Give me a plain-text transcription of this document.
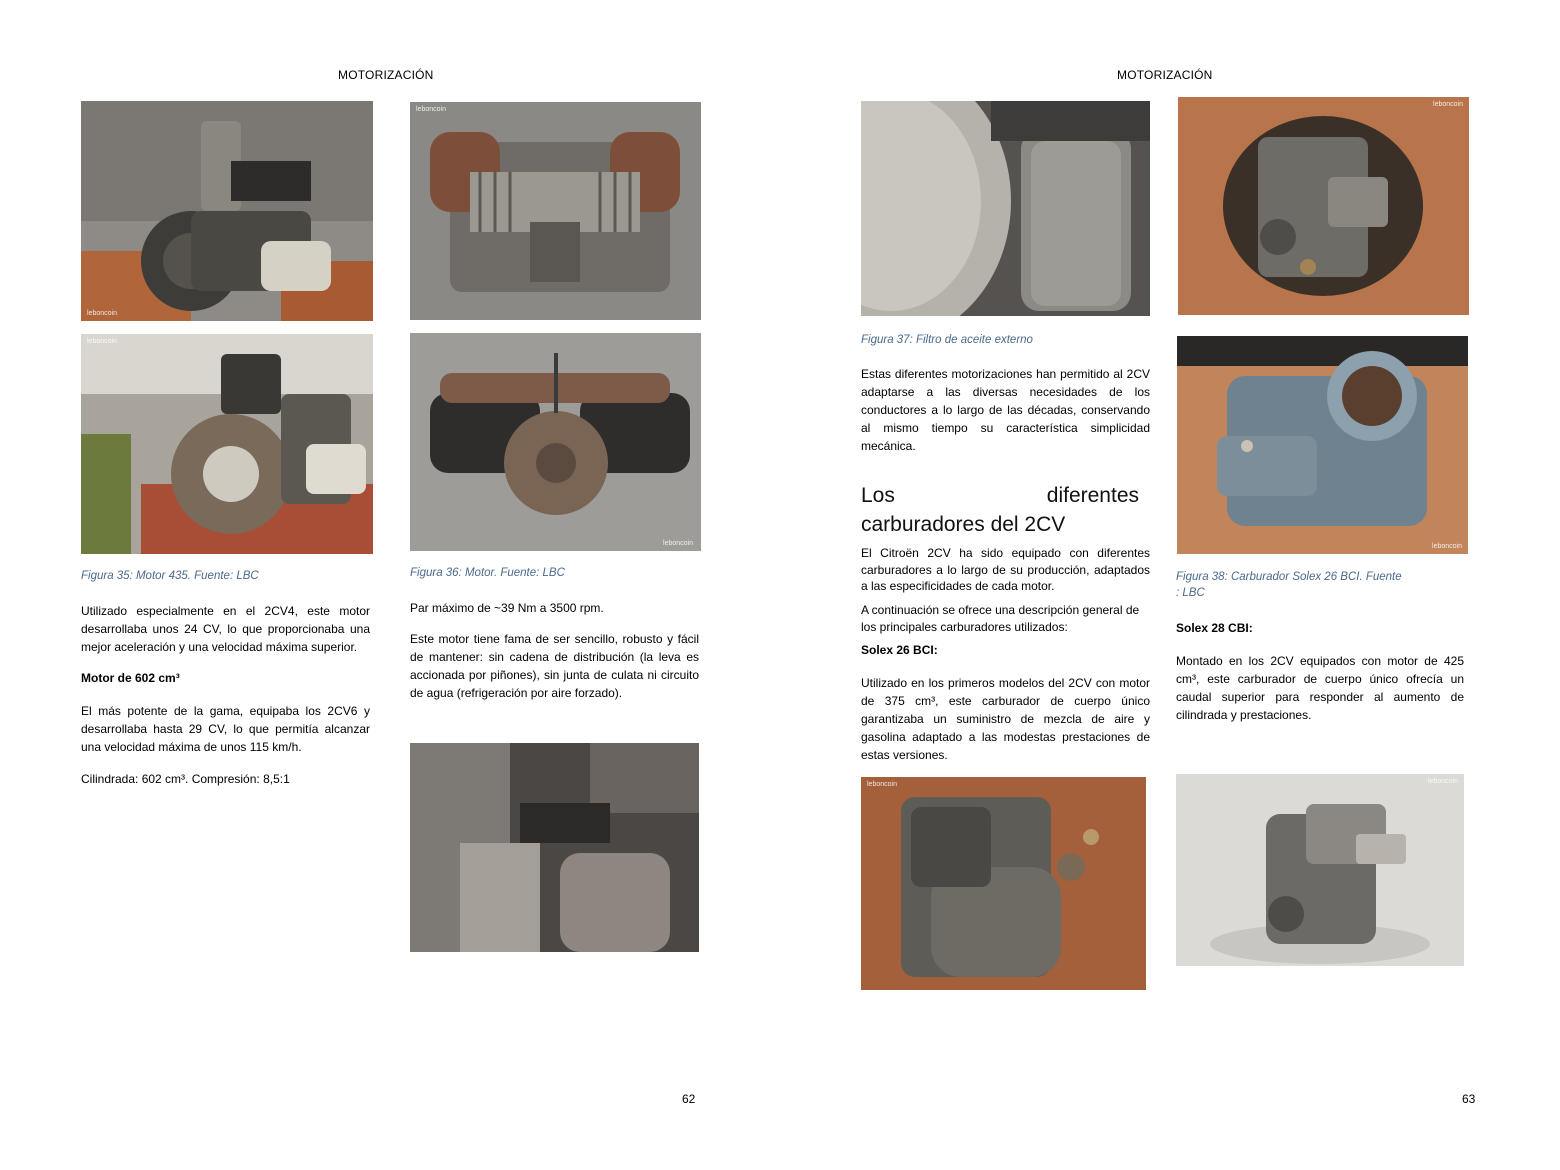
MOTORIZACIÓN
leboncoin
leboncoin
leboncoin
leboncoin
Figura 35: Motor 435. Fuente: LBC	Figura 36: Motor. Fuente: LBC

Utilizado especialmente en el 2CV4, este motor desarrollaba unos 24 CV, lo que proporcionaba una mejor aceleración y una velocidad máxima superior.

Motor de 602 cm³

El más potente de la gama, equipaba los 2CV6 y desarrollaba hasta 29 CV, lo que permitía alcanzar una velocidad máxima de unos 115 km/h.

Cilindrada: 602 cm³. Compresión: 8,5:1
Par máximo de ~39 Nm a 3500 rpm.

Este motor tiene fama de ser sencillo, robusto y fácil de mantener: sin cadena de distribución (la leva es accionada por piñones), sin junta de culata ni circuito de agua (refrigeración por aire forzado).

62
MOTORIZACIÓN
leboncoin
Figura 37: Filtro de aceite externo

Estas diferentes motorizaciones han permitido al 2CV adaptarse a las diversas necesidades de los conductores a lo largo de las décadas, conservando al mismo tiempo su característica simplicidad mecánica.

Los diferentes
carburadores del 2CV

El Citroën 2CV ha sido equipado con diferentes carburadores a lo largo de su producción, adaptados a las especificidades de cada motor.

A continuación se ofrece una descripción general de los principales carburadores utilizados:

Solex 26 BCI:

Utilizado en los primeros modelos del 2CV con motor de 375 cm³, este carburador de cuerpo único garantizaba un suministro de mezcla de aire y gasolina adaptado a las modestas prestaciones de estas versiones.

leboncoin
Figura 38: Carburador Solex 26 BCI. Fuente
: LBC
Solex 28 CBI:

Montado en los 2CV equipados con motor de 425 cm³, este carburador de cuerpo único ofrecía un caudal superior para responder al aumento de cilindrada y prestaciones.

leboncoin	leboncoin
63
